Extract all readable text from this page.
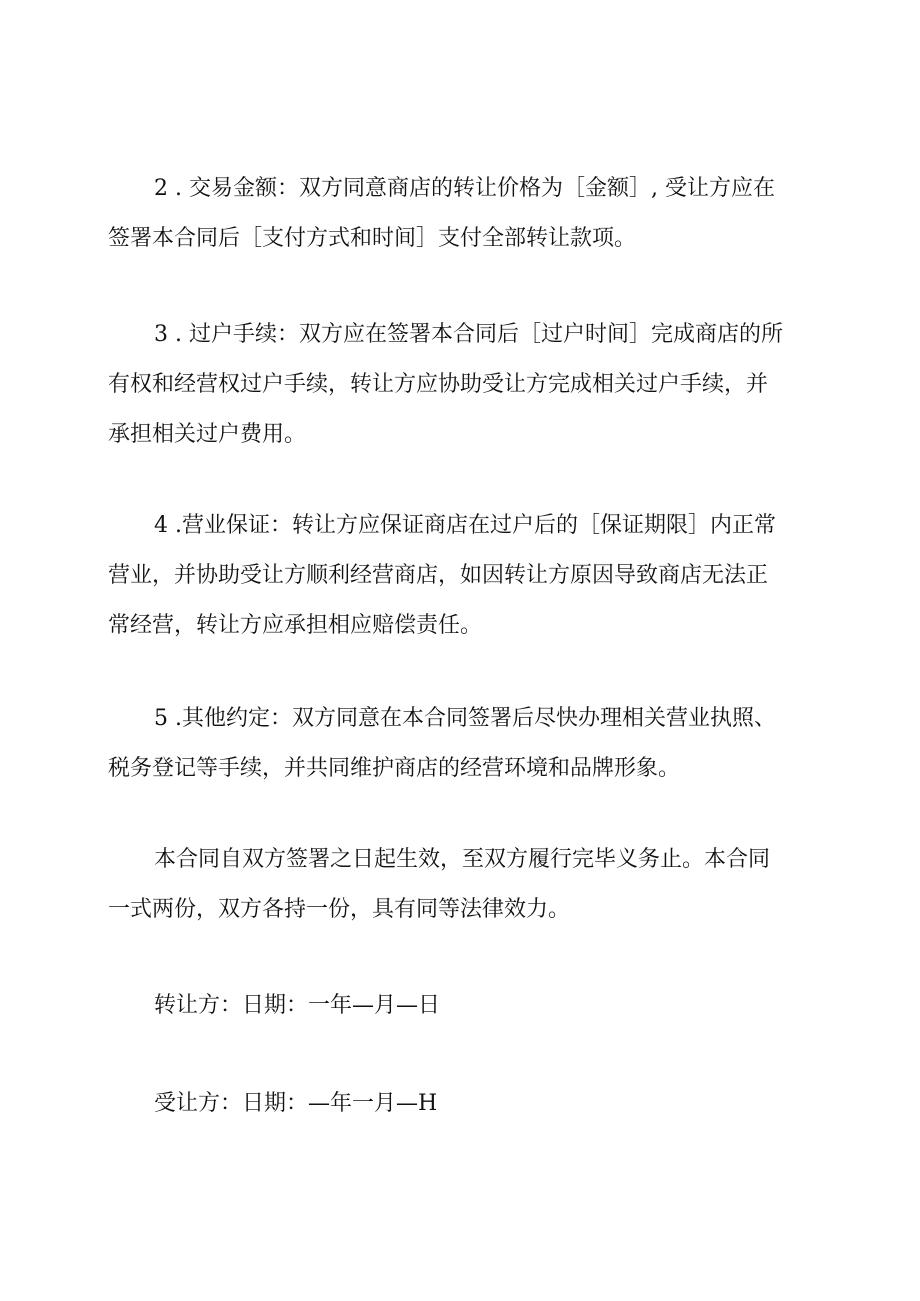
2 . 交易金额：双方同意商店的转让价格为［金额］, 受让方应在
签署本合同后［支付方式和时间］支付全部转让款项。

3 . 过户手续：双方应在签署本合同后［过户时间］完成商店的所
有权和经营权过户手续，转让方应协助受让方完成相关过户手续，并
承担相关过户费用。

4 .营业保证：转让方应保证商店在过户后的［保证期限］内正常
营业，并协助受让方顺利经营商店，如因转让方原因导致商店无法正
常经营，转让方应承担相应赔偿责任。

5 .其他约定：双方同意在本合同签署后尽快办理相关营业执照、
税务登记等手续，并共同维护商店的经营环境和品牌形象。

本合同自双方签署之日起生效，至双方履行完毕义务止。本合同
一式两份，双方各持一份，具有同等法律效力。

转让方：日期：一年—月—日

受让方：日期：—年一月—H
